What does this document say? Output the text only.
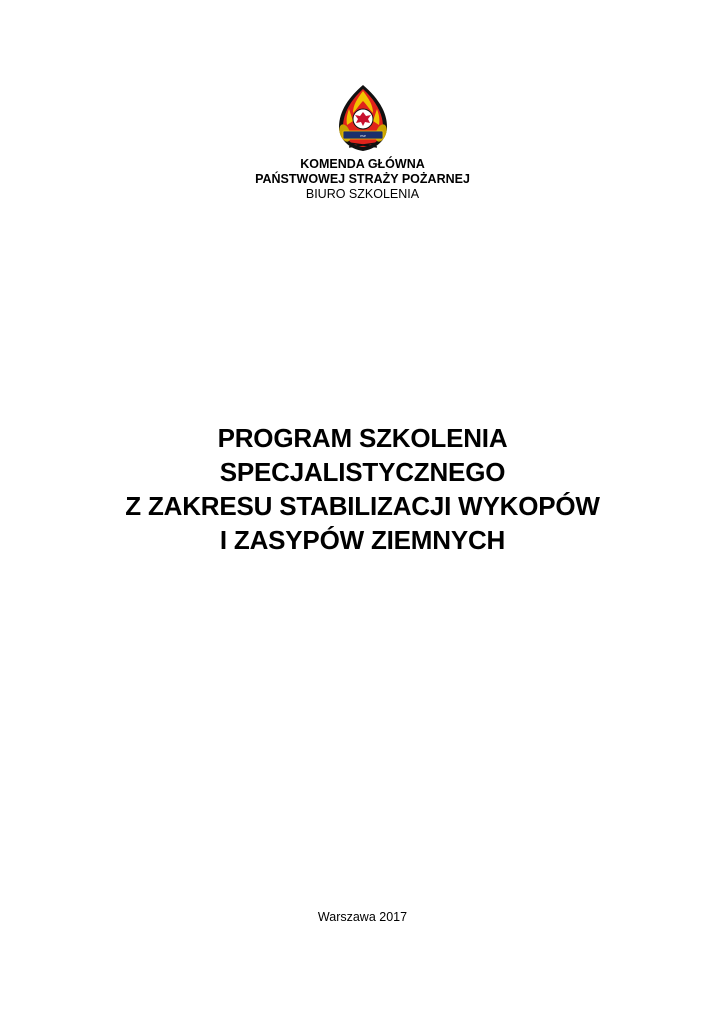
PSP
KOMENDA GŁÓWNA
PAŃSTWOWEJ STRAŻY POŻARNEJ
BIURO SZKOLENIA
PROGRAM SZKOLENIA
SPECJALISTYCZNEGO
Z ZAKRESU STABILIZACJI WYKOPÓW
I ZASYPÓW ZIEMNYCH
Warszawa 2017
